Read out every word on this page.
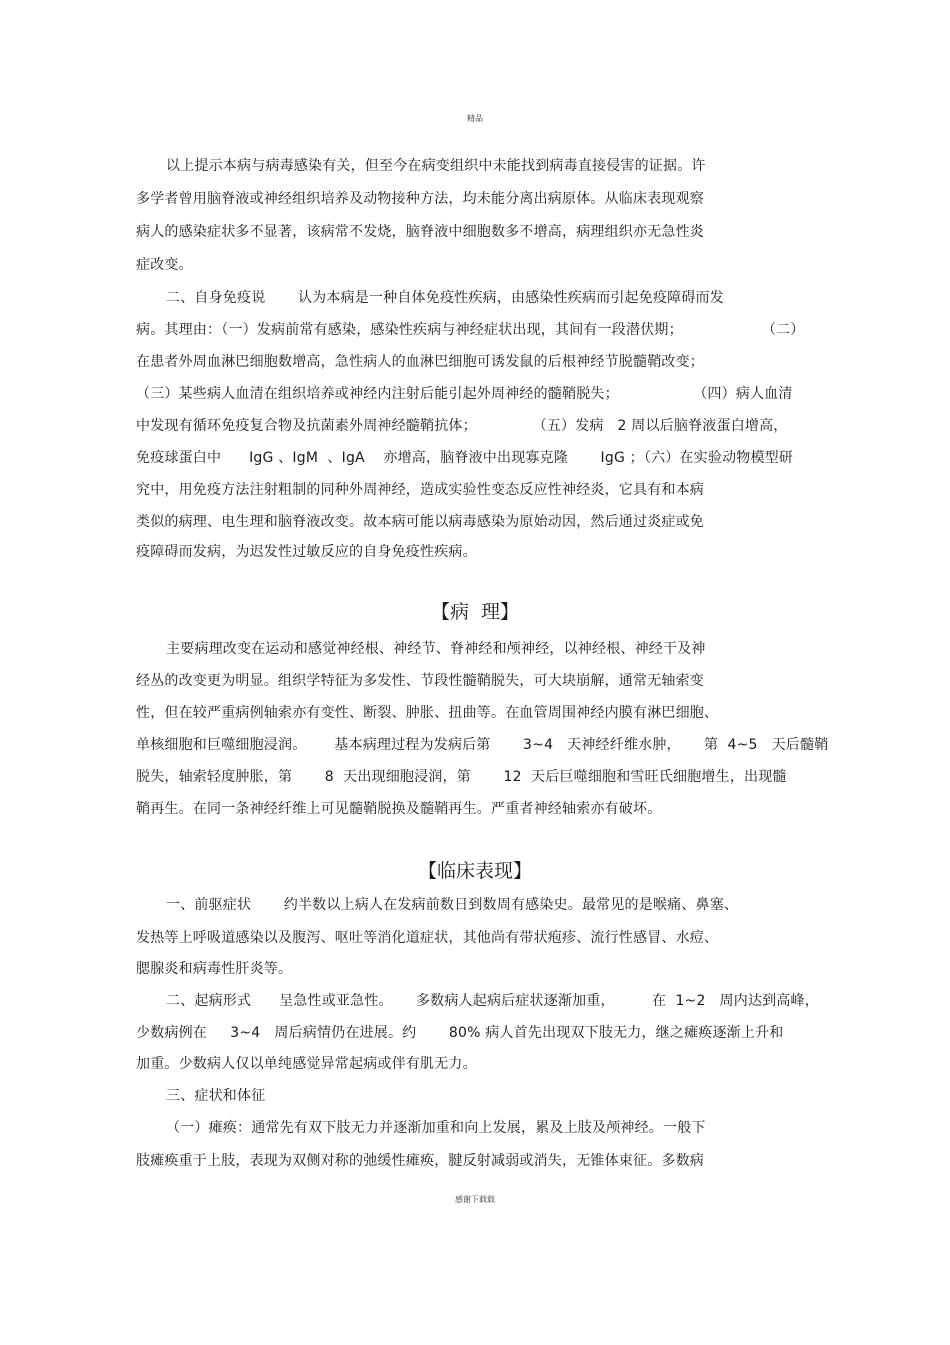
精品
以上提示本病与病毒感染有关，但至今在病变组织中未能找到病毒直接侵害的证据。许
多学者曾用脑脊液或神经组织培养及动物接种方法，均未能分离出病原体。从临床表现观察
病人的感染症状多不显著，该病常不发烧，脑脊液中细胞数多不增高，病理组织亦无急性炎
症改变。
二、自身免疫说       认为本病是一种自体免疫性疾病，由感染性疾病而引起免疫障碍而发
病。其理由：（一）发病前常有感染，感染性疾病与神经症状出现，其间有一段潜伏期；                 （二）
在患者外周血淋巴细胞数增高，急性病人的血淋巴细胞可诱发鼠的后根神经节脱髓鞘改变；
（三）某些病人血清在组织培养或神经内注射后能引起外周神经的髓鞘脱失；                （四）病人血清
中发现有循环免疫复合物及抗菌素外周神经髓鞘抗体；            （五）发病   2 周以后脑脊液蛋白增高，
免疫球蛋白中      IgG 、IgM  、IgA    亦增高，脑脊液中出现寡克隆       IgG ；（六）在实验动物模型研
究中，用免疫方法注射粗制的同种外周神经，造成实验性变态反应性神经炎，它具有和本病
类似的病理、电生理和脑脊液改变。故本病可能以病毒感染为原始动因，然后通过炎症或免
疫障碍而发病，为迟发性过敏反应的自身免疫性疾病。
【病  理】
主要病理改变在运动和感觉神经根、神经节、脊神经和颅神经，以神经根、神经干及神
经丛的改变更为明显。组织学特征为多发性、节段性髓鞘脱失，可大块崩解，通常无轴索变
性，但在较严重病例轴索亦有变性、断裂、肿胀、扭曲等。在血管周围神经内膜有淋巴细胞、
单核细胞和巨噬细胞浸润。      基本病理过程为发病后第       3~4   天神经纤维水肿，     第  4~5   天后髓鞘
脱失，轴索轻度肿胀，第       8  天出现细胞浸润，第       12  天后巨噬细胞和雪旺氏细胞增生，出现髓
鞘再生。在同一条神经纤维上可见髓鞘脱换及髓鞘再生。严重者神经轴索亦有破坏。
【临床表现】
一、前驱症状       约半数以上病人在发病前数日到数周有感染史。最常见的是喉痛、鼻塞、
发热等上呼吸道感染以及腹泻、呕吐等消化道症状，其他尚有带状疱疹、流行性感冒、水痘、
腮腺炎和病毒性肝炎等。
二、起病形式      呈急性或亚急性。     多数病人起病后症状逐渐加重，        在  1~2   周内达到高峰，
少数病例在     3~4   周后病情仍在进展。约       80% 病人首先出现双下肢无力，继之瘫痪逐渐上升和
加重。少数病人仅以单纯感觉异常起病或伴有肌无力。
三、症状和体征
（一）瘫痪：通常先有双下肢无力并逐渐加重和向上发展，累及上肢及颅神经。一般下
肢瘫痪重于上肢，表现为双侧对称的弛缓性瘫痪，腱反射减弱或消失，无锥体束征。多数病
感谢下载载
